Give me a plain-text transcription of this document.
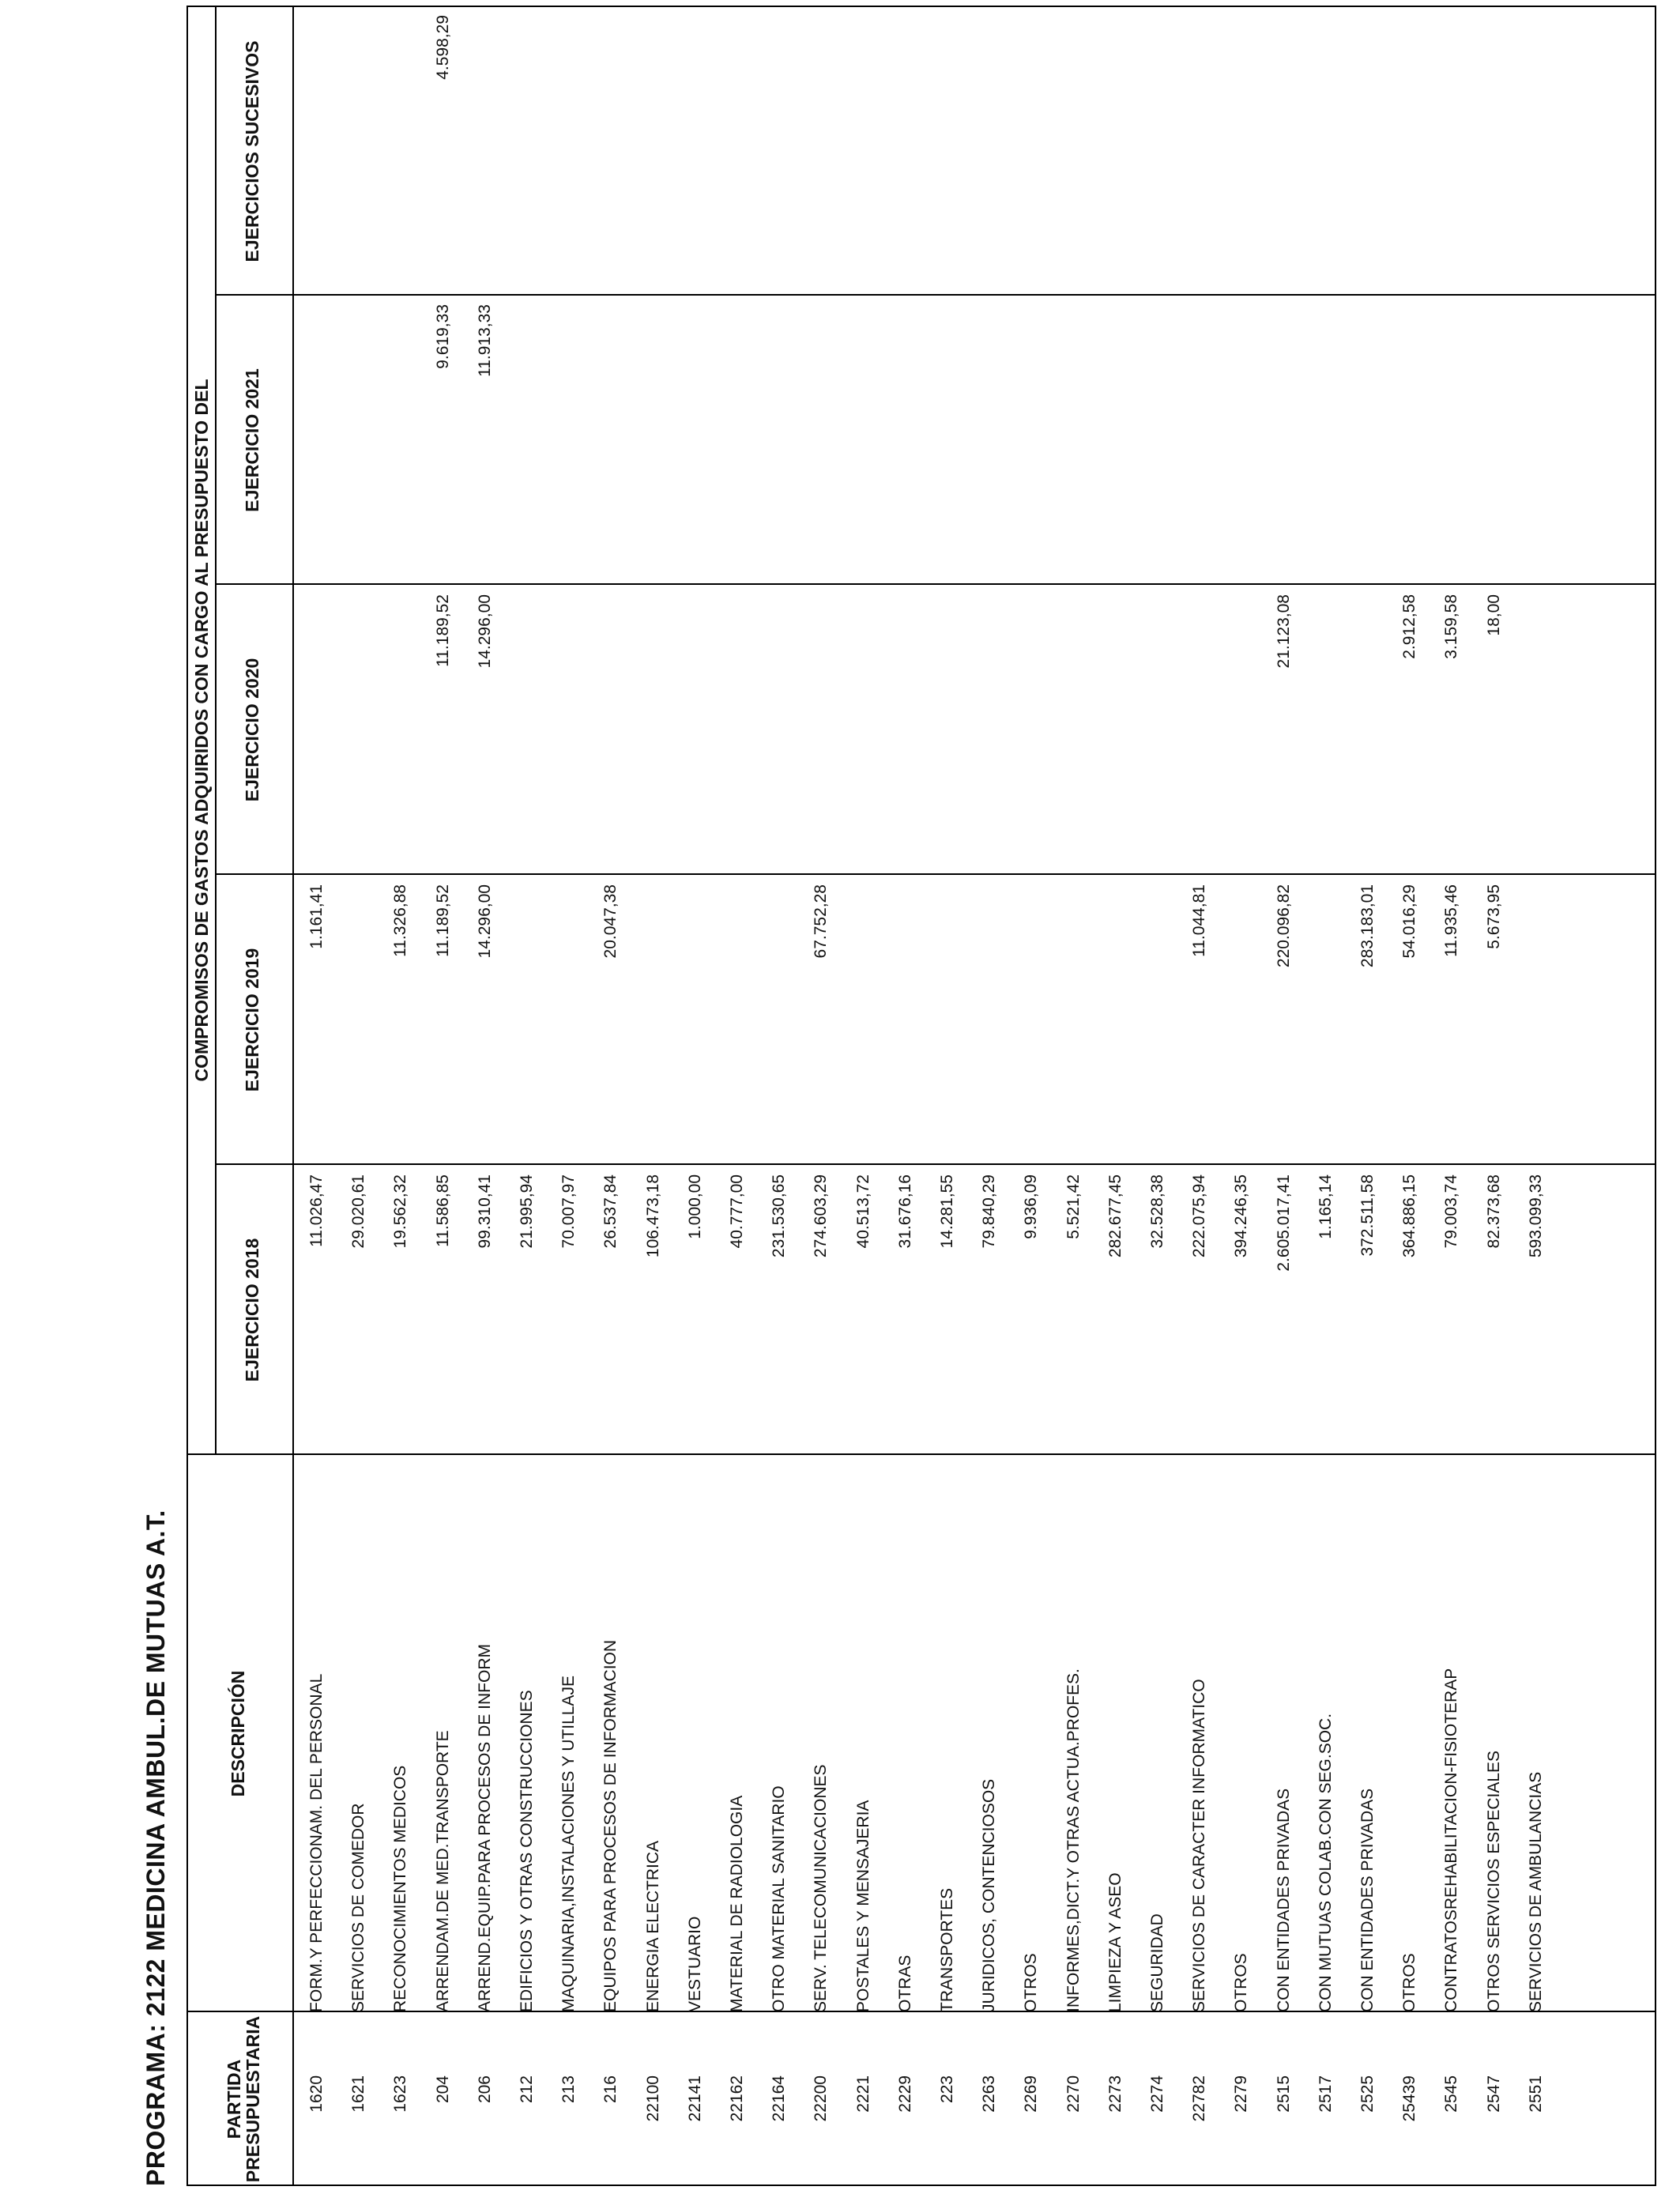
PROGRAMA: 2122 MEDICINA AMBUL.DE MUTUAS A.T.	PARTIDA
PRESUPUESTARIA
DESCRIPCIÓN
COMPROMISOS DE GASTOS ADQUIRIDOS CON CARGO AL PRESUPUESTO DEL
EJERCICIO 2018
EJERCICIO 2019
EJERCICIO 2020
EJERCICIO 2021
EJERCICIOS SUCESIVOS
1620
FORM.Y PERFECCIONAM. DEL PERSONAL
11.026,47
1.161,41
1621
SERVICIOS DE COMEDOR
29.020,61
1623
RECONOCIMIENTOS MEDICOS
19.562,32
11.326,88
204
ARRENDAM.DE MED.TRANSPORTE
11.586,85
11.189,52
11.189,52
9.619,33
4.598,29
206
ARREND.EQUIP.PARA PROCESOS DE INFORM
99.310,41
14.296,00
14.296,00
11.913,33
212
EDIFICIOS Y OTRAS CONSTRUCCIONES
21.995,94
213
MAQUINARIA,INSTALACIONES Y UTILLAJE
70.007,97
216
EQUIPOS PARA PROCESOS DE INFORMACION
26.537,84
20.047,38
22100
ENERGIA ELECTRICA
106.473,18
22141
VESTUARIO
1.000,00
22162
MATERIAL DE RADIOLOGIA
40.777,00
22164
OTRO MATERIAL SANITARIO
231.530,65
22200
SERV. TELECOMUNICACIONES
274.603,29
67.752,28
2221
POSTALES Y MENSAJERIA
40.513,72
2229
OTRAS
31.676,16
223
TRANSPORTES
14.281,55
2263
JURIDICOS, CONTENCIOSOS
79.840,29
2269
OTROS
9.936,09
2270
INFORMES,DICT.Y OTRAS ACTUA.PROFES.
5.521,42
2273
LIMPIEZA Y ASEO
282.677,45
2274
SEGURIDAD
32.528,38
22782
SERVICIOS DE CARACTER INFORMATICO
222.075,94
11.044,81
2279
OTROS
394.246,35
2515
CON ENTIDADES PRIVADAS
2.605.017,41
220.096,82
21.123,08
2517
CON MUTUAS COLAB.CON SEG.SOC.
1.165,14
2525
CON ENTIDADES PRIVADAS
372.511,58
283.183,01
25439
OTROS
364.886,15
54.016,29
2.912,58
2545
CONTRATOSREHABILITACION-FISIOTERAP
79.003,74
11.935,46
3.159,58
2547
OTROS SERVICIOS ESPECIALES
82.373,68
5.673,95
18,00
2551
SERVICIOS DE AMBULANCIAS
593.099,33
